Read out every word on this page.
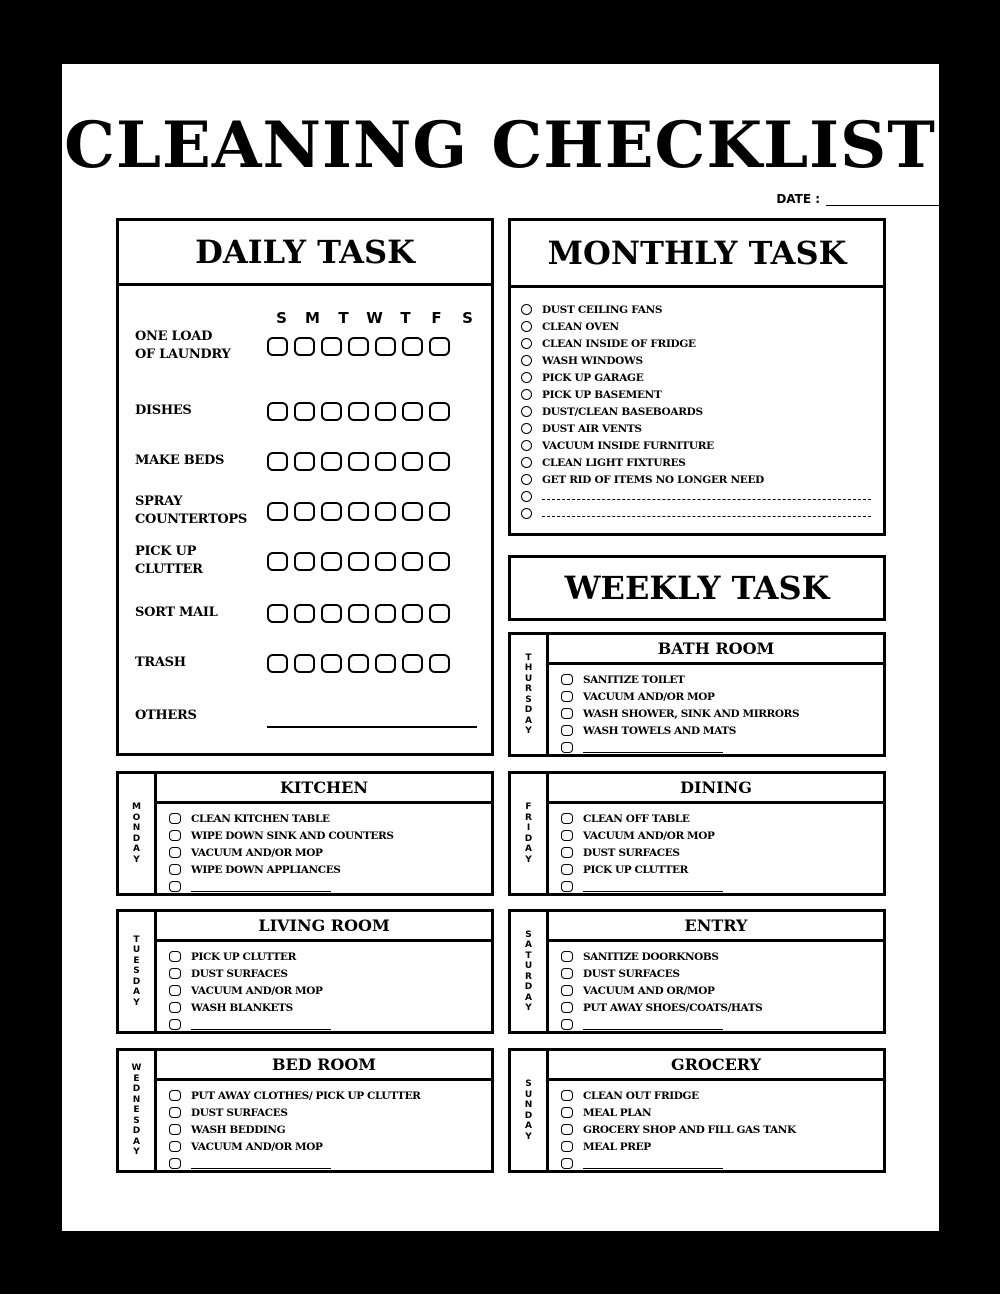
CLEANING CHECKLIST
DATE :
DAILY TASK
S	M	T	W	T	F	S
ONE LOAD
OF LAUNDRY
DISHES
MAKE BEDS
SPRAY
COUNTERTOPS
PICK UP
CLUTTER
SORT MAIL
TRASH
OTHERS
MONTHLY TASK
DUST CEILING FANS
CLEAN OVEN
CLEAN INSIDE OF FRIDGE
WASH WINDOWS
PICK UP GARAGE
PICK UP BASEMENT
DUST/CLEAN BASEBOARDS
DUST AIR VENTS
VACUUM INSIDE FURNITURE
CLEAN LIGHT FIXTURES
GET RID OF ITEMS NO LONGER NEED
WEEKLY TASK
MONDAY
KITCHEN
CLEAN KITCHEN TABLE
WIPE DOWN SINK AND COUNTERS
VACUUM AND/OR MOP
WIPE DOWN APPLIANCES
TUESDAY
LIVING ROOM
PICK UP CLUTTER
DUST SURFACES
VACUUM AND/OR MOP
WASH BLANKETS
WEDNESDAY
BED ROOM
PUT AWAY CLOTHES/ PICK UP CLUTTER
DUST SURFACES
WASH BEDDING
VACUUM AND/OR MOP
THURSDAY
BATH ROOM
SANITIZE TOILET
VACUUM AND/OR MOP
WASH SHOWER, SINK AND MIRRORS
WASH TOWELS AND MATS
FRIDAY
DINING
CLEAN OFF TABLE
VACUUM AND/OR MOP
DUST SURFACES
PICK UP CLUTTER
SATURDAY
ENTRY
SANITIZE DOORKNOBS
DUST SURFACES
VACUUM AND OR/MOP
PUT AWAY SHOES/COATS/HATS
SUNDAY
GROCERY
CLEAN OUT FRIDGE
MEAL PLAN
GROCERY SHOP AND FILL GAS TANK
MEAL PREP
